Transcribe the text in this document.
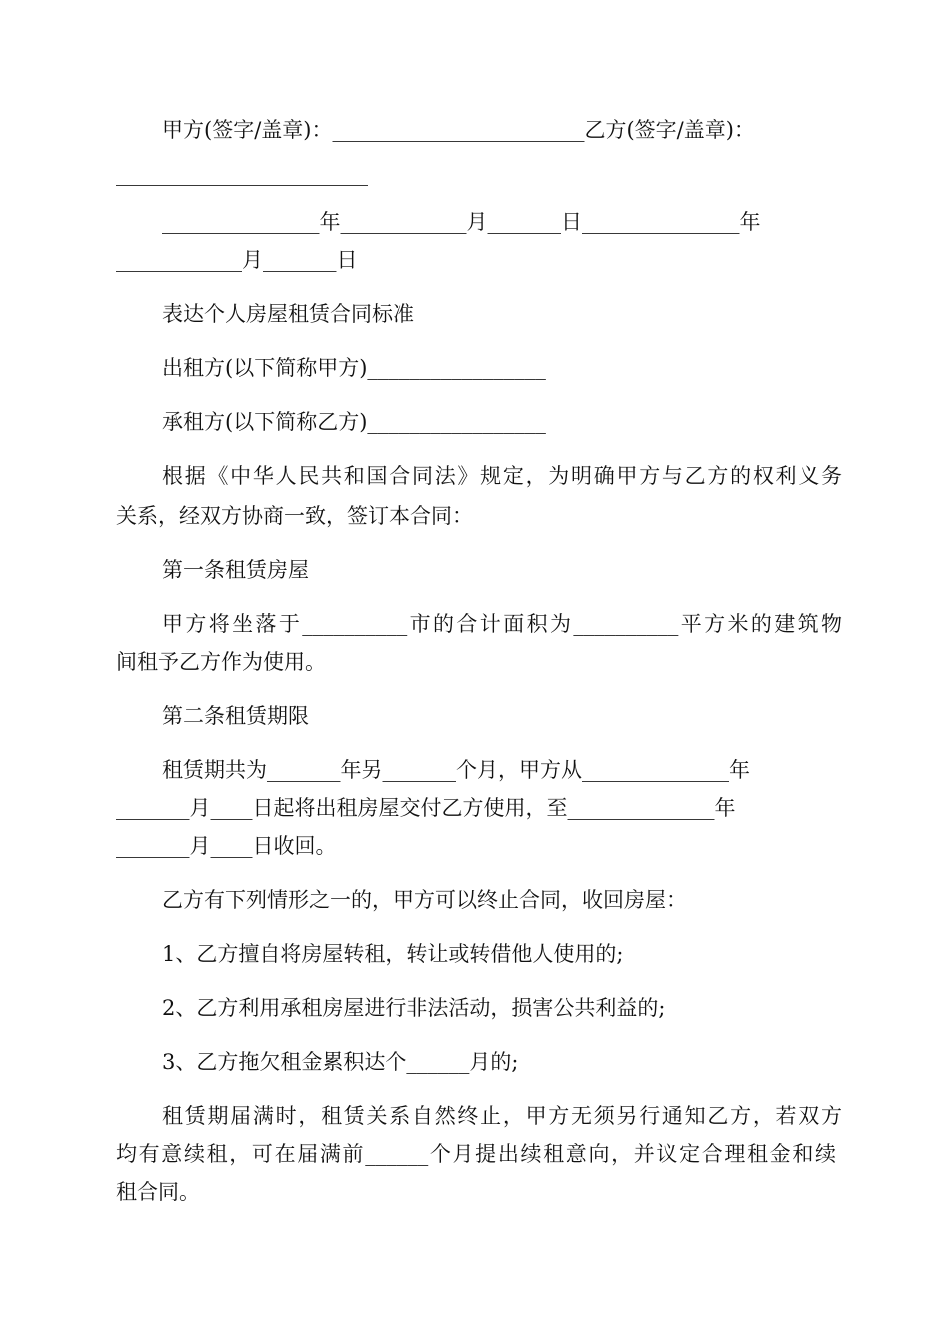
甲方(签字/盖章)：________________________乙方(签字/盖章)：
________________________
_______________年____________月_______日_______________年
____________月_______日
表达个人房屋租赁合同标准
出租方(以下简称甲方)_________________
承租方(以下简称乙方)_________________
根据《中华人民共和国合同法》规定，为明确甲方与乙方的权利义务
关系，经双方协商一致，签订本合同：
第一条租赁房屋
甲方将坐落于__________市的合计面积为__________平方米的建筑物
间租予乙方作为使用。
第二条租赁期限
租赁期共为_______年另_______个月，甲方从______________年
_______月____日起将出租房屋交付乙方使用，至______________年
_______月____日收回。
乙方有下列情形之一的，甲方可以终止合同，收回房屋：
1、乙方擅自将房屋转租，转让或转借他人使用的;
2、乙方利用承租房屋进行非法活动，损害公共利益的;
3、乙方拖欠租金累积达个______月的;
租赁期届满时，租赁关系自然终止，甲方无须另行通知乙方，若双方
均有意续租，可在届满前______个月提出续租意向，并议定合理租金和续
租合同。
